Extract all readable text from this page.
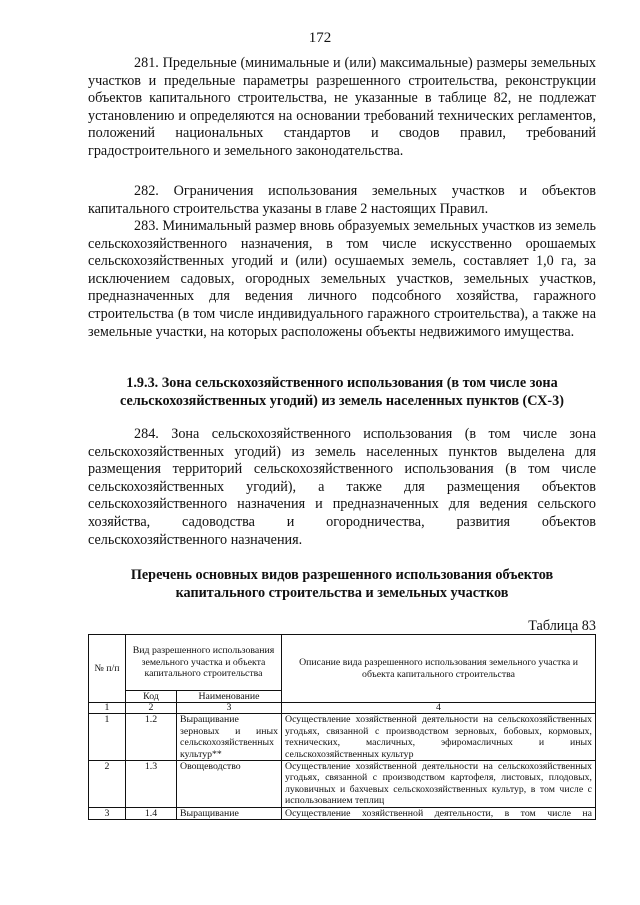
172

281. Предельные (минимальные и (или) максимальные) размеры земельных участков и предельные параметры разрешенного строительства, реконструкции объектов капитального строительства, не указанные в таблице 82, не подлежат установлению и определяются на основании требований технических регламентов, положений национальных стандартов и сводов правил, требований градостроительного и земельного законодательства.

282. Ограничения использования земельных участков и объектов капитального строительства указаны в главе 2 настоящих Правил.

283. Минимальный размер вновь образуемых земельных участков из земель сельскохозяйственного назначения, в том числе искусственно орошаемых сельскохозяйственных угодий и (или) осушаемых земель, составляет 1,0 га, за исключением садовых, огородных земельных участков, земельных участков, предназначенных для ведения личного подсобного хозяйства, гаражного строительства (в том числе индивидуального гаражного строительства), а также на земельные участки, на которых расположены объекты недвижимого имущества.

1.9.3. Зона сельскохозяйственного использования (в том числе зона сельскохозяйственных угодий) из земель населенных пунктов (СХ-3)

284. Зона сельскохозяйственного использования (в том числе зона сельскохозяйственных угодий) из земель населенных пунктов выделена для размещения территорий сельскохозяйственного использования (в том числе сельскохозяйственных угодий), а также для размещения объектов сельскохозяйственного назначения и предназначенных для ведения сельского хозяйства, садоводства и огородничества, развития объектов сельскохозяйственного назначения.

Перечень основных видов разрешенного использования объектов капитального строительства и земельных участков
Таблица 83
№ п/п	Вид разрешенного использования земельного участка и объекта капитального строительства		Описание вида разрешенного использования земельного участка и объекта капитального строительства
	Код	Наименование	
1	2	3	4
1	1.2	Выращивание зерновых и иных сельскохозяйственных культур**	Осуществление хозяйственной деятельности на сельскохозяйственных угодьях, связанной с производством зерновых, бобовых, кормовых, технических, масличных, эфиромасличных и иных сельскохозяйственных культур
2	1.3	Овощеводство	Осуществление хозяйственной деятельности на сельскохозяйственных угодьях, связанной с производством картофеля, листовых, плодовых, луковичных и бахчевых сельскохозяйственных культур, в том числе с использованием теплиц
3	1.4	Выращивание	Осуществление хозяйственной деятельности, в том числе на
